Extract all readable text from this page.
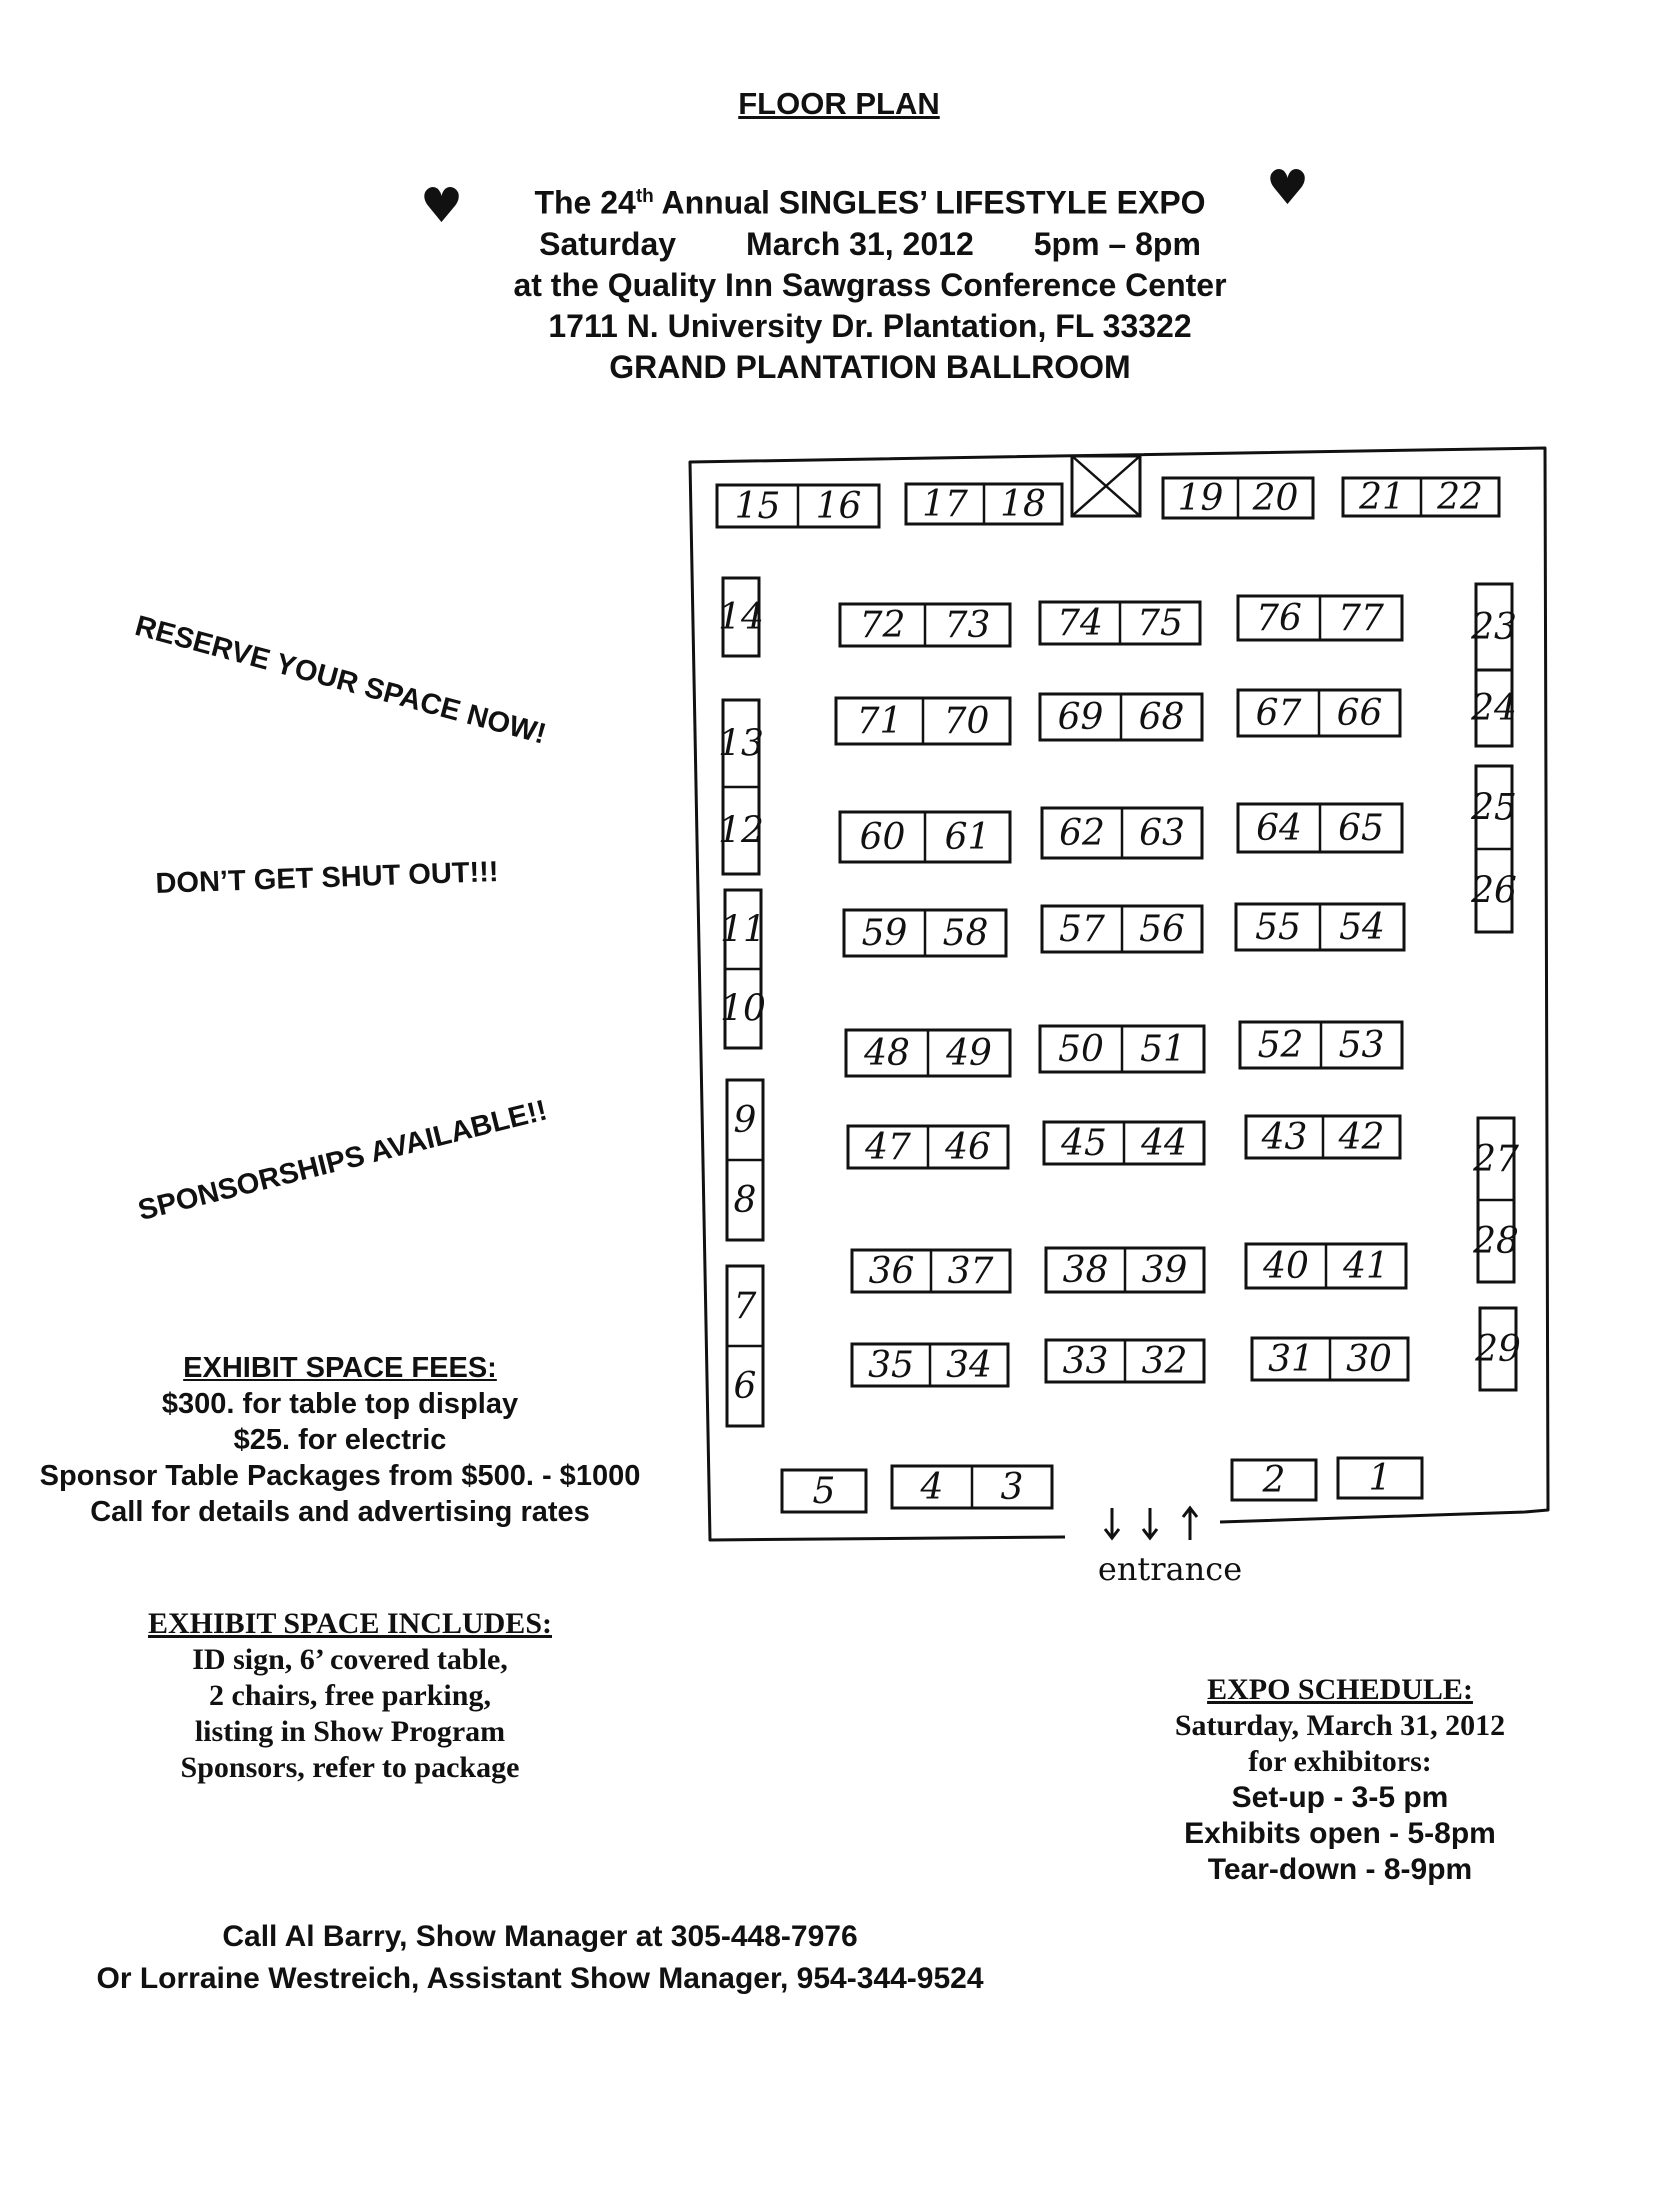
FLOOR PLAN
♥	♥
The 24th Annual SINGLES’ LIFESTYLE EXPO
Saturday March 31, 2012 5pm – 8pm
at the Quality Inn Sawgrass Conference Center
1711 N. University Dr. Plantation, FL 33322
GRAND PLANTATION BALLROOM
RESERVE YOUR SPACE NOW!
DON’T GET SHUT OUT!!!
SPONSORSHIPS AVAILABLE!!
EXHIBIT SPACE FEES:
$300. for table top display
$25. for electric
Sponsor Table Packages from $500. - $1000
Call for details and advertising rates
EXHIBIT SPACE INCLUDES:
ID sign, 6’ covered table,
2 chairs, free parking,
listing in Show Program
Sponsors, refer to package
EXPO SCHEDULE:
Saturday, March 31, 2012
for exhibitors:
Set-up - 3-5 pm
Exhibits open - 5-8pm
Tear-down - 8-9pm
Call Al Barry, Show Manager at 305-448-7976
Or Lorraine Westreich, Assistant Show Manager, 954-344-9524
15 16 17 18	19 20 21 22
14
13
12
11
10
9
8
7
6
23
24
25
26
27
28
29
72 73 74 75 76 77
71 70 69 68 67 66
60 61 62 63 64 65
59 58 57 56 55 54
48 49 50 51 52 53
47 46 45 44 43 42
36 37 38 39 40 41
35 34 33 32 31 30
5 4 3	2 1
entrance
